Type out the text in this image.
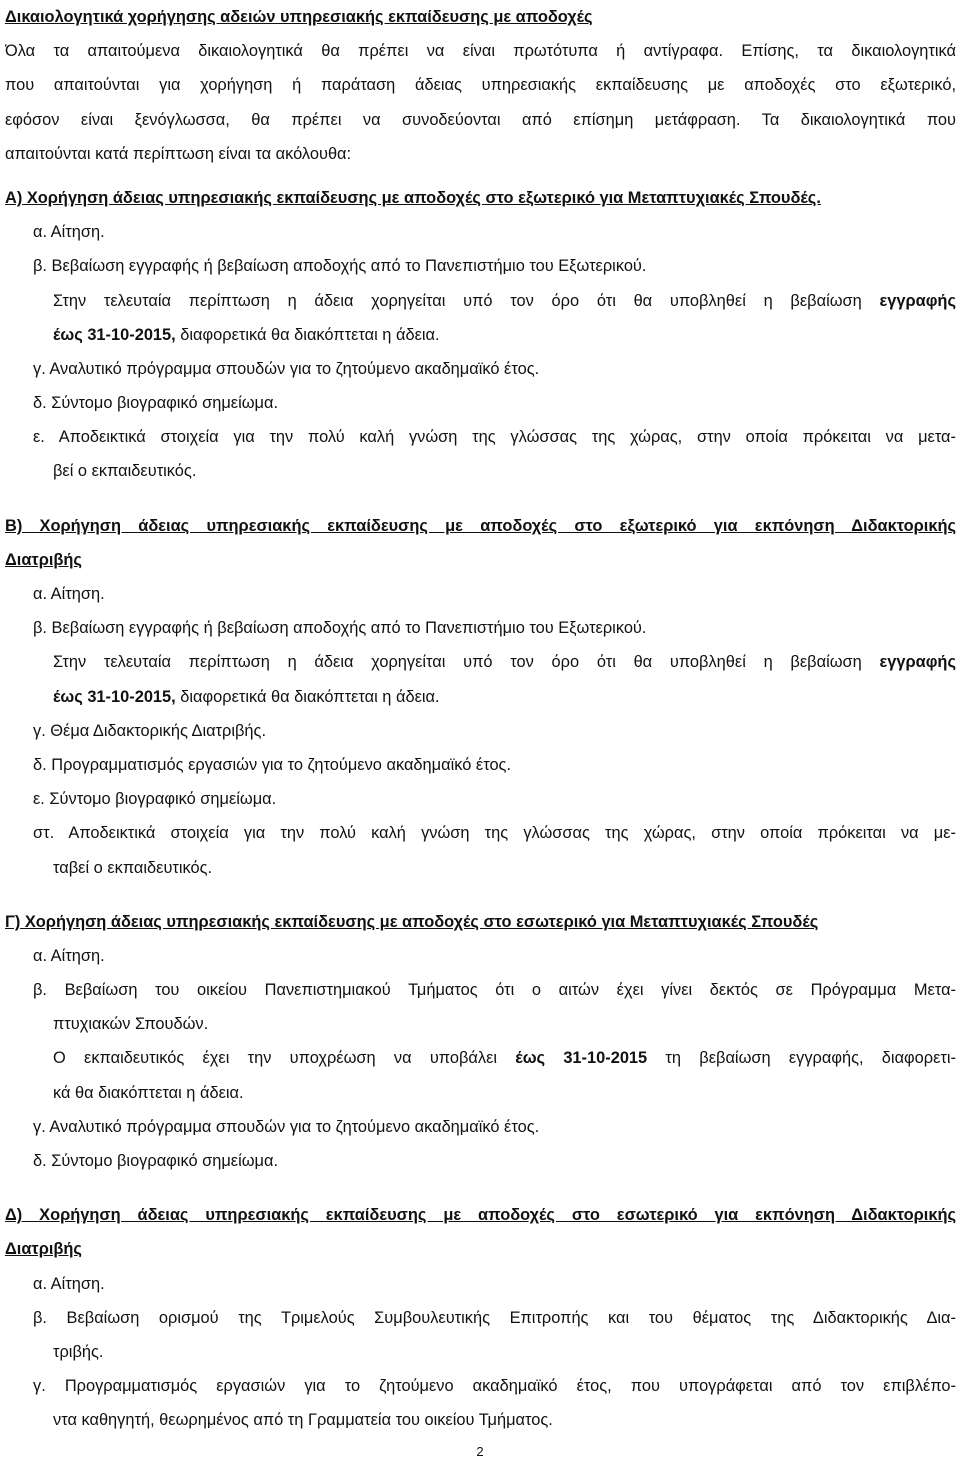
Δικαιολογητικά χορήγησης αδειών υπηρεσιακής εκπαίδευσης με αποδοχές
Όλα τα απαιτούμενα δικαιολογητικά θα πρέπει να είναι πρωτότυπα ή αντίγραφα. Επίσης, τα δικαιολογητικά
που απαιτούνται για χορήγηση ή παράταση άδειας υπηρεσιακής εκπαίδευσης με αποδοχές στο εξωτερικό,
εφόσον είναι ξενόγλωσσα, θα πρέπει να συνοδεύονται από επίσημη μετάφραση. Τα δικαιολογητικά που
απαιτούνται κατά περίπτωση είναι τα ακόλουθα:
Α) Χορήγηση άδειας υπηρεσιακής εκπαίδευσης με αποδοχές στο εξωτερικό για Μεταπτυχιακές Σπουδές.
α. Αίτηση.
β. Βεβαίωση εγγραφής ή βεβαίωση αποδοχής από το Πανεπιστήμιο του Εξωτερικού.
Στην τελευταία περίπτωση η άδεια χορηγείται υπό τον όρο ότι θα υποβληθεί η βεβαίωση εγγραφής
έως 31-10-2015, διαφορετικά θα διακόπτεται η άδεια.
γ. Αναλυτικό πρόγραμμα σπουδών για το ζητούμενο ακαδημαϊκό έτος.
δ. Σύντομο βιογραφικό σημείωμα.
ε. Αποδεικτικά στοιχεία για την πολύ καλή γνώση της γλώσσας της χώρας, στην οποία πρόκειται να μετα-
βεί ο εκπαιδευτικός.
Β) Χορήγηση άδειας υπηρεσιακής εκπαίδευσης με αποδοχές στο εξωτερικό για εκπόνηση Διδακτορικής
Διατριβής
α. Αίτηση.
β. Βεβαίωση εγγραφής ή βεβαίωση αποδοχής από το Πανεπιστήμιο του Εξωτερικού.
Στην τελευταία περίπτωση η άδεια χορηγείται υπό τον όρο ότι θα υποβληθεί η βεβαίωση εγγραφής
έως 31-10-2015, διαφορετικά θα διακόπτεται η άδεια.
γ. Θέμα Διδακτορικής Διατριβής.
δ. Προγραμματισμός εργασιών για το ζητούμενο ακαδημαϊκό έτος.
ε. Σύντομο βιογραφικό σημείωμα.
στ. Αποδεικτικά στοιχεία για την πολύ καλή γνώση της γλώσσας της χώρας, στην οποία πρόκειται να με-
ταβεί ο εκπαιδευτικός.
Γ) Χορήγηση άδειας υπηρεσιακής εκπαίδευσης με αποδοχές στο εσωτερικό για Μεταπτυχιακές Σπουδές
α. Αίτηση.
β. Βεβαίωση του οικείου Πανεπιστημιακού Τμήματος ότι ο αιτών έχει γίνει δεκτός σε Πρόγραμμα Μετα-
πτυχιακών Σπουδών.
Ο εκπαιδευτικός έχει την υποχρέωση να υποβάλει έως 31-10-2015 τη βεβαίωση εγγραφής, διαφορετι-
κά θα διακόπτεται η άδεια.
γ. Αναλυτικό πρόγραμμα σπουδών για το ζητούμενο ακαδημαϊκό έτος.
δ. Σύντομο βιογραφικό σημείωμα.
Δ) Χορήγηση άδειας υπηρεσιακής εκπαίδευσης με αποδοχές στο εσωτερικό για εκπόνηση Διδακτορικής
Διατριβής
α. Αίτηση.
β. Βεβαίωση ορισμού της Τριμελούς Συμβουλευτικής Επιτροπής και του θέματος της Διδακτορικής Δια-
τριβής.
γ. Προγραμματισμός εργασιών για το ζητούμενο ακαδημαϊκό έτος, που υπογράφεται από τον επιβλέπο-
ντα καθηγητή, θεωρημένος από τη Γραμματεία του οικείου Τμήματος.
2
